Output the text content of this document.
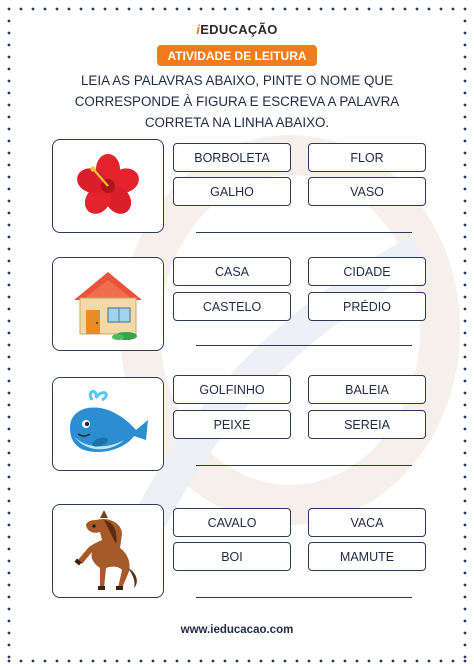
iEDUCAÇÃO
ATIVIDADE DE LEITURA
LEIA AS PALAVRAS ABAIXO, PINTE O NOME QUE
CORRESPONDE À FIGURA E ESCREVA A PALAVRA
CORRETA NA LINHA ABAIXO.
BORBOLETA	FLOR
GALHO	VASO
CASA	CIDADE
CASTELO	PRÉDIO
GOLFINHO	BALEIA
PEIXE	SEREIA
CAVALO	VACA
BOI	MAMUTE
www.ieducacao.com
